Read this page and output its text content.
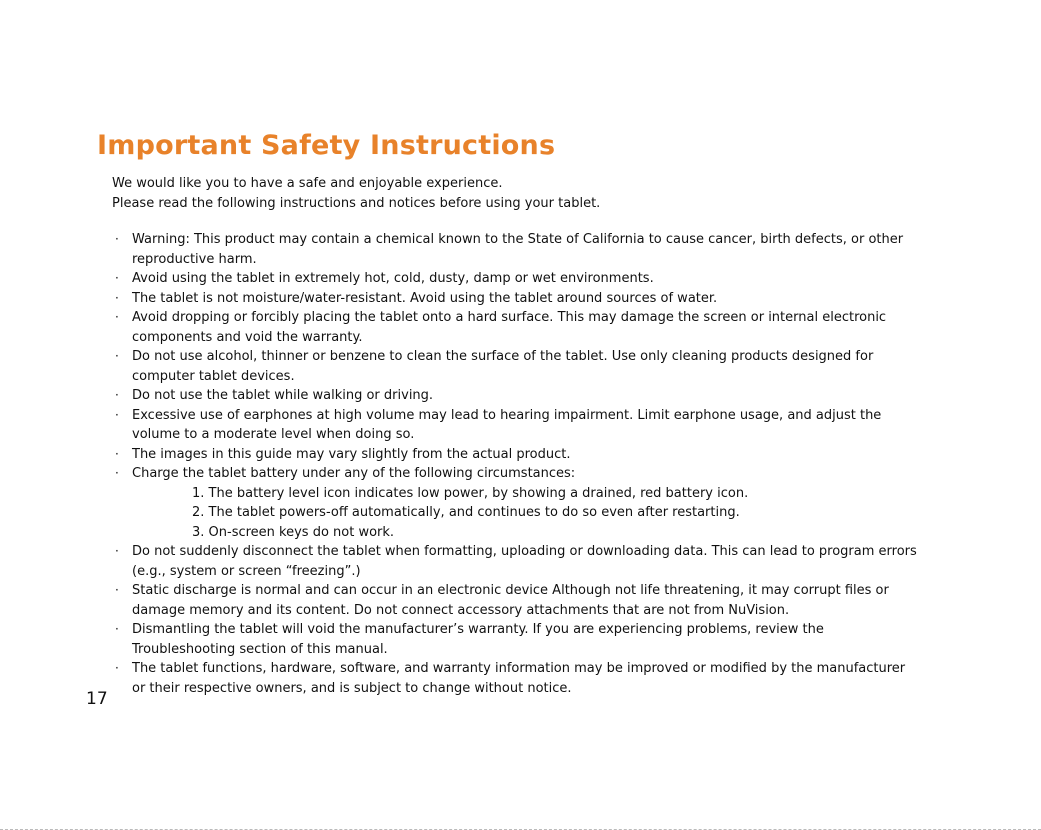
Important Safety Instructions
We would like you to have a safe and enjoyable experience.
Please read the following instructions and notices before using your tablet.
· Warning: This product may contain a chemical known to the State of California to cause cancer, birth defects, or other reproductive harm.
· Avoid using the tablet in extremely hot, cold, dusty, damp or wet environments.
· The tablet is not moisture/water-resistant. Avoid using the tablet around sources of water.
· Avoid dropping or forcibly placing the tablet onto a hard surface. This may damage the screen or internal electronic components and void the warranty.
· Do not use alcohol, thinner or benzene to clean the surface of the tablet. Use only cleaning products designed for computer tablet devices.
· Do not use the tablet while walking or driving.
· Excessive use of earphones at high volume may lead to hearing impairment. Limit earphone usage, and adjust the volume to a moderate level when doing so.
· The images in this guide may vary slightly from the actual product.
· Charge the tablet battery under any of the following circumstances:
1. The battery level icon indicates low power, by showing a drained, red battery icon.
2. The tablet powers-off automatically, and continues to do so even after restarting.
3. On-screen keys do not work.
· Do not suddenly disconnect the tablet when formatting, uploading or downloading data. This can lead to program errors (e.g., system or screen “freezing”.)
· Static discharge is normal and can occur in an electronic device Although not life threatening, it may corrupt files or damage memory and its content. Do not connect accessory attachments that are not from NuVision.
· Dismantling the tablet will void the manufacturer’s warranty. If you are experiencing problems, review the Troubleshooting section of this manual.
· The tablet functions, hardware, software, and warranty information may be improved or modified by the manufacturer or their respective owners, and is subject to change without notice.
17
